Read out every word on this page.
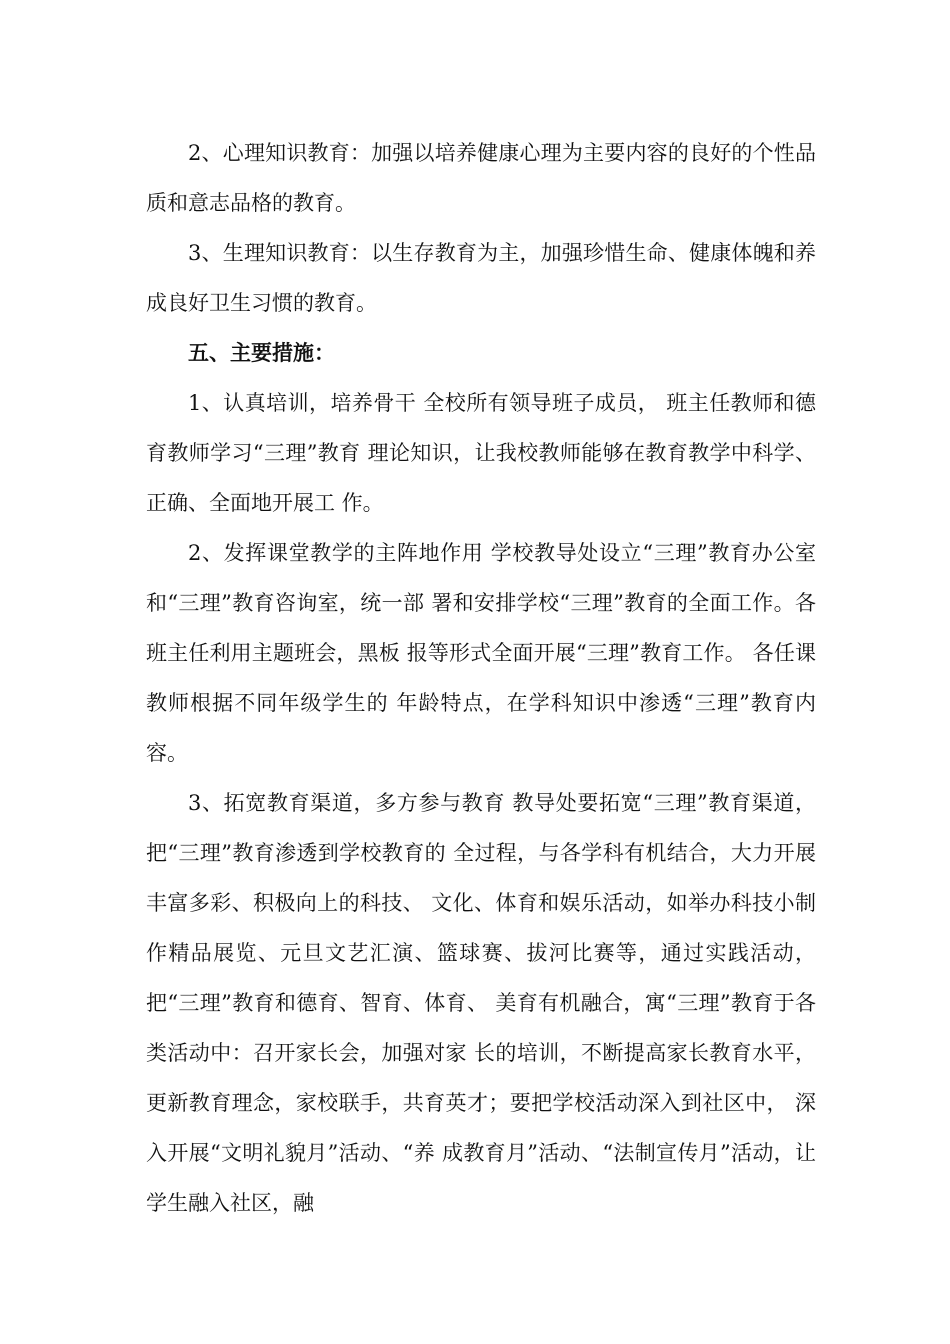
2、心理知识教育：加强以培养健康心理为主要内容的良好的个性品质和意志品格的教育。

3、生理知识教育：以生存教育为主，加强珍惜生命、健康体魄和养成良好卫生习惯的教育。

五、主要措施：

1、认真培训，培养骨干 全校所有领导班子成员， 班主任教师和德育教师学习“三理”教育 理论知识，让我校教师能够在教育教学中科学、正确、全面地开展工 作。

2、发挥课堂教学的主阵地作用 学校教导处设立“三理”教育办公室和“三理”教育咨询室，统一部 署和安排学校“三理”教育的全面工作。各班主任利用主题班会，黑板 报等形式全面开展“三理”教育工作。 各任课教师根据不同年级学生的 年龄特点，在学科知识中渗透“三理”教育内容。

3、拓宽教育渠道，多方参与教育 教导处要拓宽“三理”教育渠道，把“三理”教育渗透到学校教育的 全过程，与各学科有机结合，大力开展丰富多彩、积极向上的科技、 文化、体育和娱乐活动，如举办科技小制作精品展览、元旦文艺汇演、篮球赛、拔河比赛等，通过实践活动，把“三理”教育和德育、智育、体育、 美育有机融合，寓“三理”教育于各类活动中：召开家长会，加强对家 长的培训，不断提高家长教育水平，更新教育理念，家校联手，共育英才；要把学校活动深入到社区中， 深入开展“文明礼貌月”活动、“养 成教育月”活动、“法制宣传月”活动，让学生融入社区，融
